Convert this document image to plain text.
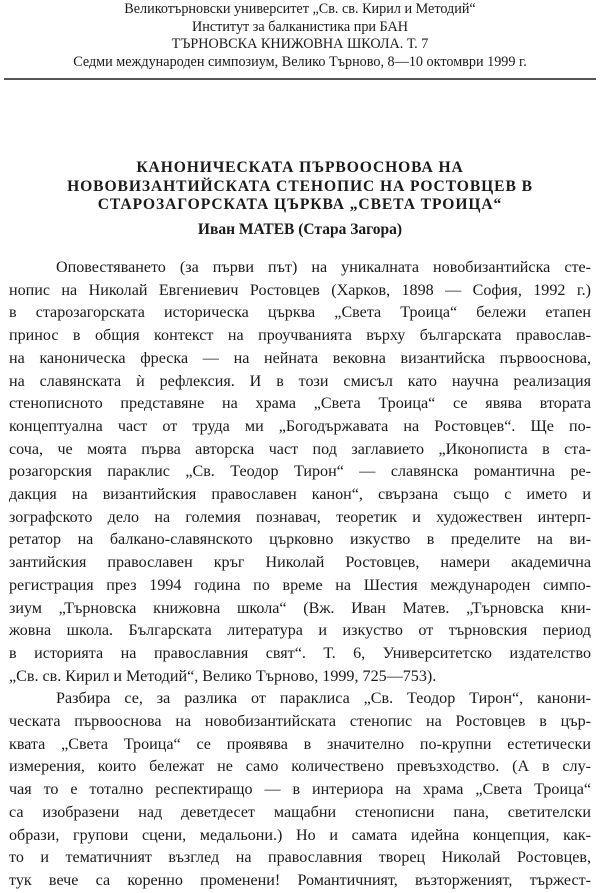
Великотърновски университет „Св. св. Кирил и Методий“
Институт за балканистика при БАН
ТЪРНОВСКА КНИЖОВНА ШКОЛА. Т. 7
Седми международен симпозиум, Велико Търново, 8—10 октомври 1999 г.
КАНОНИЧЕСКАТА ПЪРВООСНОВА НА
НОВОВИЗАНТИЙСКАТА СТЕНОПИС НА РОСТОВЦЕВ В
СТАРОЗАГОРСКАТА ЦЪРКВА „СВЕТА ТРОИЦА“
Иван МАТЕВ (Стара Загора)
Оповестяването (за първи път) на уникалната новобизантийска сте-
нопис на Николай Евгениевич Ростовцев (Харков, 1898 — София, 1992 г.)
в старозагорската историческа църква „Света Троица“ бележи етапен
принос в общия контекст на проучванията върху българската православ-
на каноническа фреска — на нейната вековна византийска първооснова,
на славянската ѝ рефлексия. И в този смисъл като научна реализация
стенописното представяне на храма „Света Троица“ се явява втората
концептуална част от труда ми „Богодържавата на Ростовцев“. Ще по-
соча, че моята първа авторска част под заглавието „Иконописта в ста-
розагорския параклис „Св. Теодор Тирон“ — славянска романтична ре-
дакция на византийския православен канон“, свързана също с името и
зографското дело на големия познавач, теоретик и художествен интерп-
ретатор на балкано-славянското църковно изкуство в пределите на ви-
зантийския православен кръг Николай Ростовцев, намери академична
регистрация през 1994 година по време на Шестия международен симпо-
зиум „Търновска книжовна школа“ (Вж. Иван Матев. „Търновска кни-
жовна школа. Българската литература и изкуство от търновския период
в историята на православния свят“. Т. 6, Университетско издателство
„Св. св. Кирил и Методий“, Велико Търново, 1999, 725—753).
Разбира се, за разлика от параклиса „Св. Теодор Тирон“, канони-
ческата първооснова на новобизантийската стенопис на Ростовцев в цър-
квата „Света Троица“ се проявява в значително по-крупни естетически
измерения, които бележат не само количествено превъзходство. (А в слу-
чая то е тотално респектиращо — в интериора на храма „Света Троица“
са изобразени над деветдесет мащабни стенописни пана, светителски
образи, групови сцени, медальони.) Но и самата идейна концепция, как-
то и тематичният възглед на православния творец Николай Ростовцев,
тук вече са коренно променени! Романтичният, възторженият, тържест-
